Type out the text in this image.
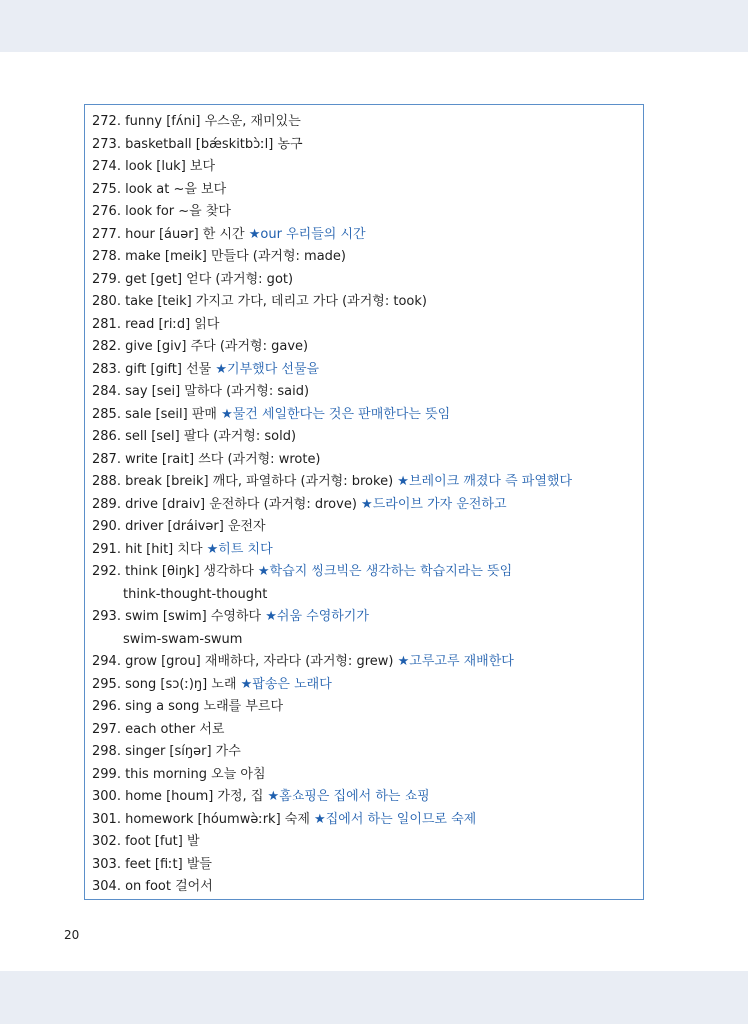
272. funny [fʌ́ni] 우스운, 재미있는
273. basketball [bǽskitbɔ̀ːl] 농구
274. look [luk] 보다
275. look at ~을 보다
276. look for ~을 찾다
277. hour [áuər] 한 시간 ★our 우리들의 시간
278. make [meik] 만들다 (과거형: made)
279. get [get] 얻다 (과거형: got)
280. take [teik] 가지고 가다, 데리고 가다 (과거형: took)
281. read [riːd] 읽다
282. give [giv] 주다 (과거형: gave)
283. gift [gift] 선물 ★기부했다 선물을
284. say [sei] 말하다 (과거형: said)
285. sale [seil] 판매 ★물건 세일한다는 것은 판매한다는 뜻임
286. sell [sel] 팔다 (과거형: sold)
287. write [rait] 쓰다 (과거형: wrote)
288. break [breik] 깨다, 파열하다 (과거형: broke) ★브레이크 깨졌다 즉 파열했다
289. drive [draiv] 운전하다 (과거형: drove) ★드라이브 가자 운전하고
290. driver [dráivər] 운전자
291. hit [hit] 치다 ★히트 치다
292. think [θiŋk] 생각하다 ★학습지 씽크빅은 생각하는 학습지라는 뜻임
think-thought-thought
293. swim [swim] 수영하다 ★쉬움 수영하기가
swim-swam-swum
294. grow [grou] 재배하다, 자라다 (과거형: grew) ★고루고루 재배한다
295. song [sɔ(ː)ŋ] 노래 ★팝송은 노래다
296. sing a song 노래를 부르다
297. each other 서로
298. singer [síŋər] 가수
299. this morning 오늘 아침
300. home [houm] 가정, 집 ★홈쇼핑은 집에서 하는 쇼핑
301. homework [hóumwə̀ːrk] 숙제 ★집에서 하는 일이므로 숙제
302. foot [fut] 발
303. feet [fiːt] 발들
304. on foot 걸어서
20
